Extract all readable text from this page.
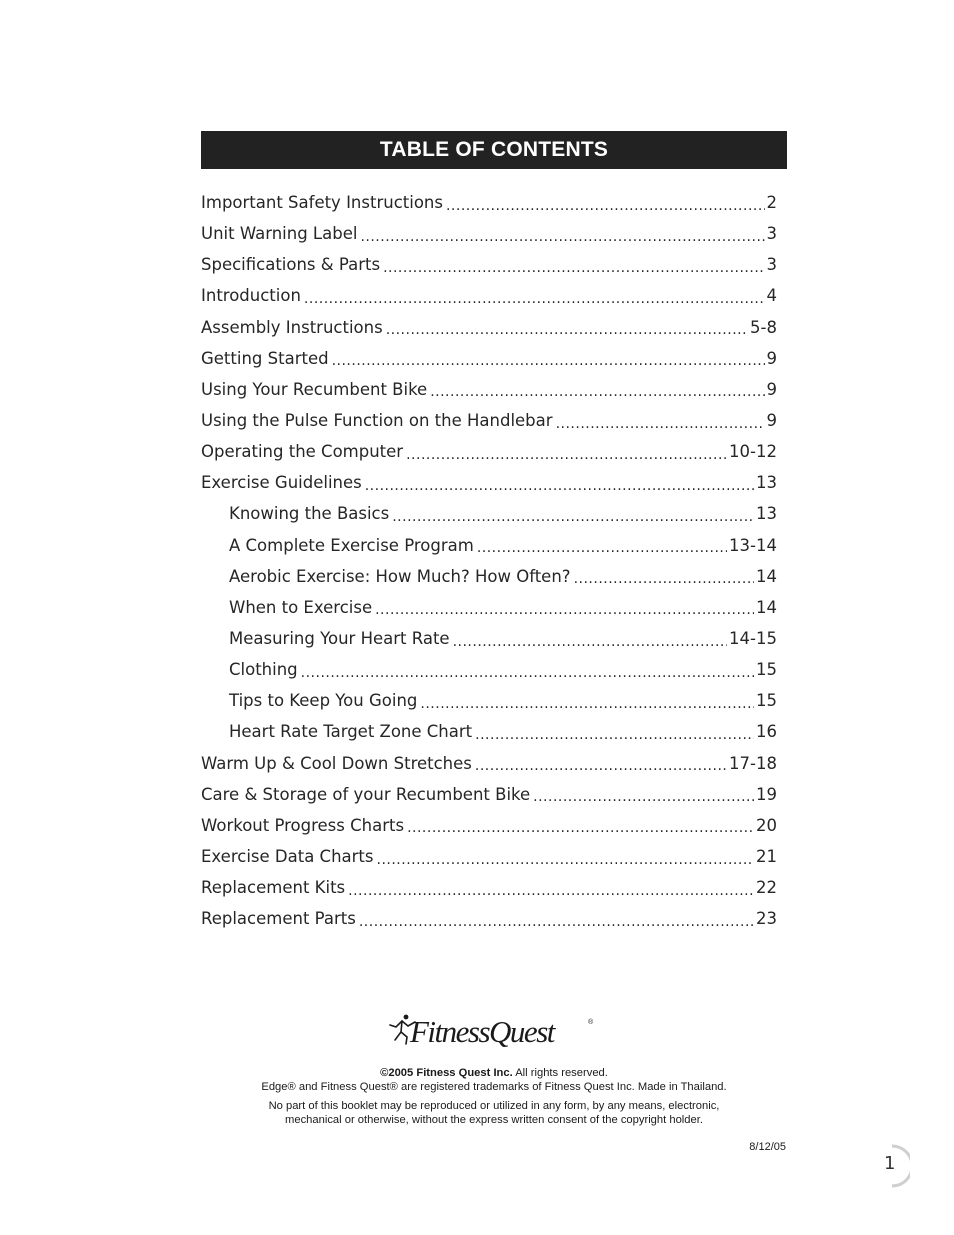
TABLE OF CONTENTS
Important Safety Instructions .....	2
Unit Warning Label .....	3
Specifications & Parts .....	3
Introduction .....	4
Assembly Instructions .....	5-8
Getting Started .....	9
Using Your Recumbent Bike .....	9
Using the Pulse Function on the Handlebar .....	9
Operating the Computer .....	10-12
Exercise Guidelines .....	13
Knowing the Basics .....	13
A Complete Exercise Program .....	13-14
Aerobic Exercise: How Much? How Often? .....	14
When to Exercise .....	14
Measuring Your Heart Rate .....	14-15
Clothing .....	15
Tips to Keep You Going .....	15
Heart Rate Target Zone Chart .....	16
Warm Up & Cool Down Stretches .....	17-18
Care & Storage of your Recumbent Bike .....	19
Workout Progress Charts .....	20
Exercise Data Charts .....	21
Replacement Kits .....	22
Replacement Parts .....	23
FitnessQuest	®
©2005 Fitness Quest Inc. All rights reserved.
Edge® and Fitness Quest® are registered trademarks of Fitness Quest Inc. Made in Thailand.
No part of this booklet may be reproduced or utilized in any form, by any means, electronic,
mechanical or otherwise, without the express written consent of the copyright holder.
8/12/05
1
